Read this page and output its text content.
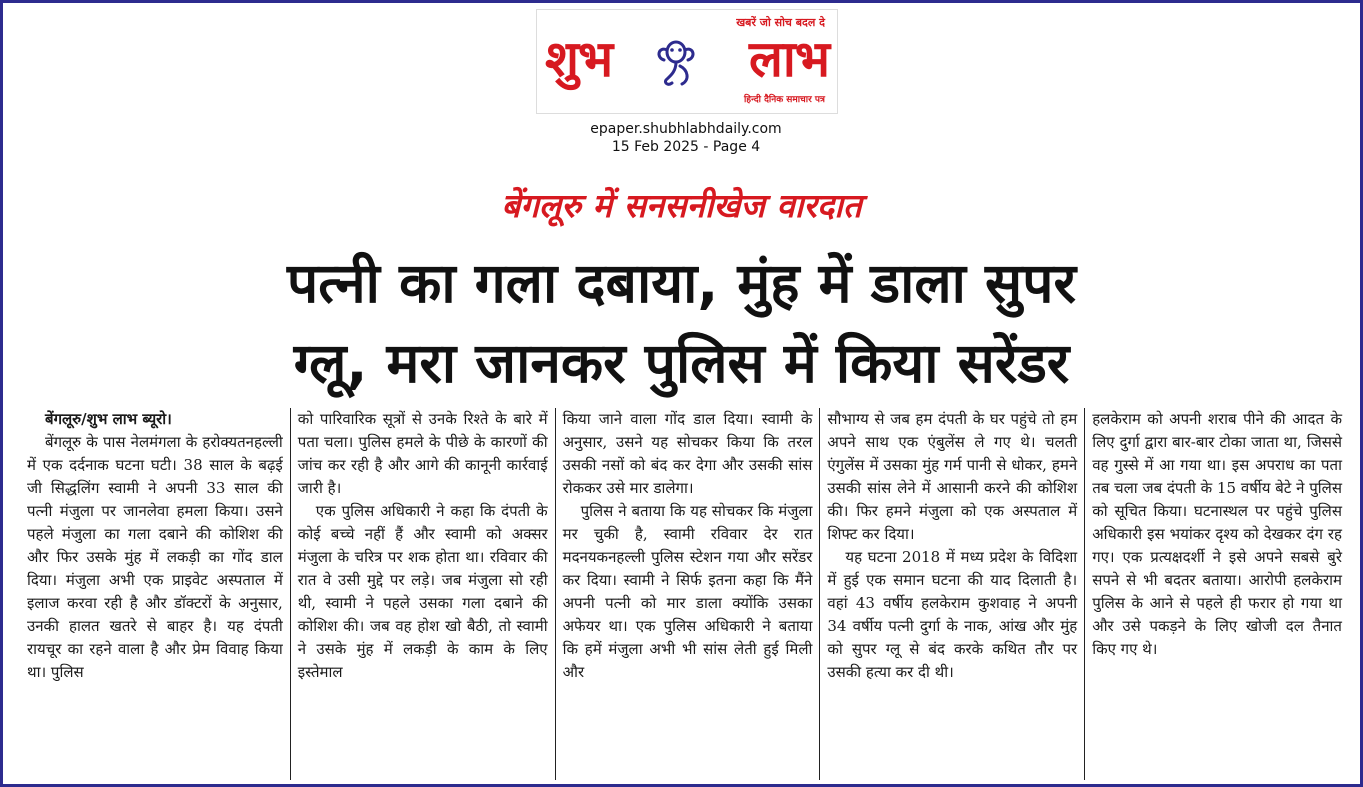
खबरें जो सोच बदल दे
शुभ	लाभ
हिन्दी दैनिक समाचार पत्र
epaper.shubhlabhdaily.com
15 Feb 2025 - Page 4
बेंगलूरु में सनसनीखेज वारदात
पत्नी का गला दबाया, मुंह में डाला सुपर
ग्लू, मरा जानकर पुलिस में किया सरेंडर

बेंगलूरु/शुभ लाभ ब्यूरो।

बेंगलूरु के पास नेलमंगला के हरोक्यतनहल्ली में एक दर्दनाक घटना घटी। 38 साल के बढ़ई जी सिद्धलिंग स्वामी ने अपनी 33 साल की पत्नी मंजुला पर जानलेवा हमला किया। उसने पहले मंजुला का गला दबाने की कोशिश की और फिर उसके मुंह में लकड़ी का गोंद डाल दिया। मंजुला अभी एक प्राइवेट अस्पताल में इलाज करवा रही है और डॉक्टरों के अनुसार, उनकी हालत खतरे से बाहर है। यह दंपती रायचूर का रहने वाला है और प्रेम विवाह किया था। पुलिस

को पारिवारिक सूत्रों से उनके रिश्ते के बारे में पता चला। पुलिस हमले के पीछे के कारणों की जांच कर रही है और आगे की कानूनी कार्रवाई जारी है।

एक पुलिस अधिकारी ने कहा कि दंपती के कोई बच्चे नहीं हैं और स्वामी को अक्सर मंजुला के चरित्र पर शक होता था। रविवार की रात वे उसी मुद्दे पर लड़े। जब मंजुला सो रही थी, स्वामी ने पहले उसका गला दबाने की कोशिश की। जब वह होश खो बैठी, तो स्वामी ने उसके मुंह में लकड़ी के काम के लिए इस्तेमाल

किया जाने वाला गोंद डाल दिया। स्वामी के अनुसार, उसने यह सोचकर किया कि तरल उसकी नसों को बंद कर देगा और उसकी सांस रोककर उसे मार डालेगा।

पुलिस ने बताया कि यह सोचकर कि मंजुला मर चुकी है, स्वामी रविवार देर रात मदनयकनहल्ली पुलिस स्टेशन गया और सरेंडर कर दिया। स्वामी ने सिर्फ इतना कहा कि मैंने अपनी पत्नी को मार डाला क्योंकि उसका अफेयर था। एक पुलिस अधिकारी ने बताया कि हमें मंजुला अभी भी सांस लेती हुई मिली और

सौभाग्य से जब हम दंपती के घर पहुंचे तो हम अपने साथ एक एंबुलेंस ले गए थे। चलती एंगुलेंस में उसका मुंह गर्म पानी से धोकर, हमने उसकी सांस लेने में आसानी करने की कोशिश की। फिर हमने मंजुला को एक अस्पताल में शिफ्ट कर दिया।

यह घटना 2018 में मध्य प्रदेश के विदिशा में हुई एक समान घटना की याद दिलाती है। वहां 43 वर्षीय हलकेराम कुशवाह ने अपनी 34 वर्षीय पत्नी दुर्गा के नाक, आंख और मुंह को सुपर ग्लू से बंद करके कथित तौर पर उसकी हत्या कर दी थी।

हलकेराम को अपनी शराब पीने की आदत के लिए दुर्गा द्वारा बार-बार टोका जाता था, जिससे वह गुस्से में आ गया था। इस अपराध का पता तब चला जब दंपती के 15 वर्षीय बेटे ने पुलिस को सूचित किया। घटनास्थल पर पहुंचे पुलिस अधिकारी इस भयांकर दृश्य को देखकर दंग रह गए। एक प्रत्यक्षदर्शी ने इसे अपने सबसे बुरे सपने से भी बदतर बताया। आरोपी हलकेराम पुलिस के आने से पहले ही फरार हो गया था और उसे पकड़ने के लिए खोजी दल तैनात किए गए थे।
